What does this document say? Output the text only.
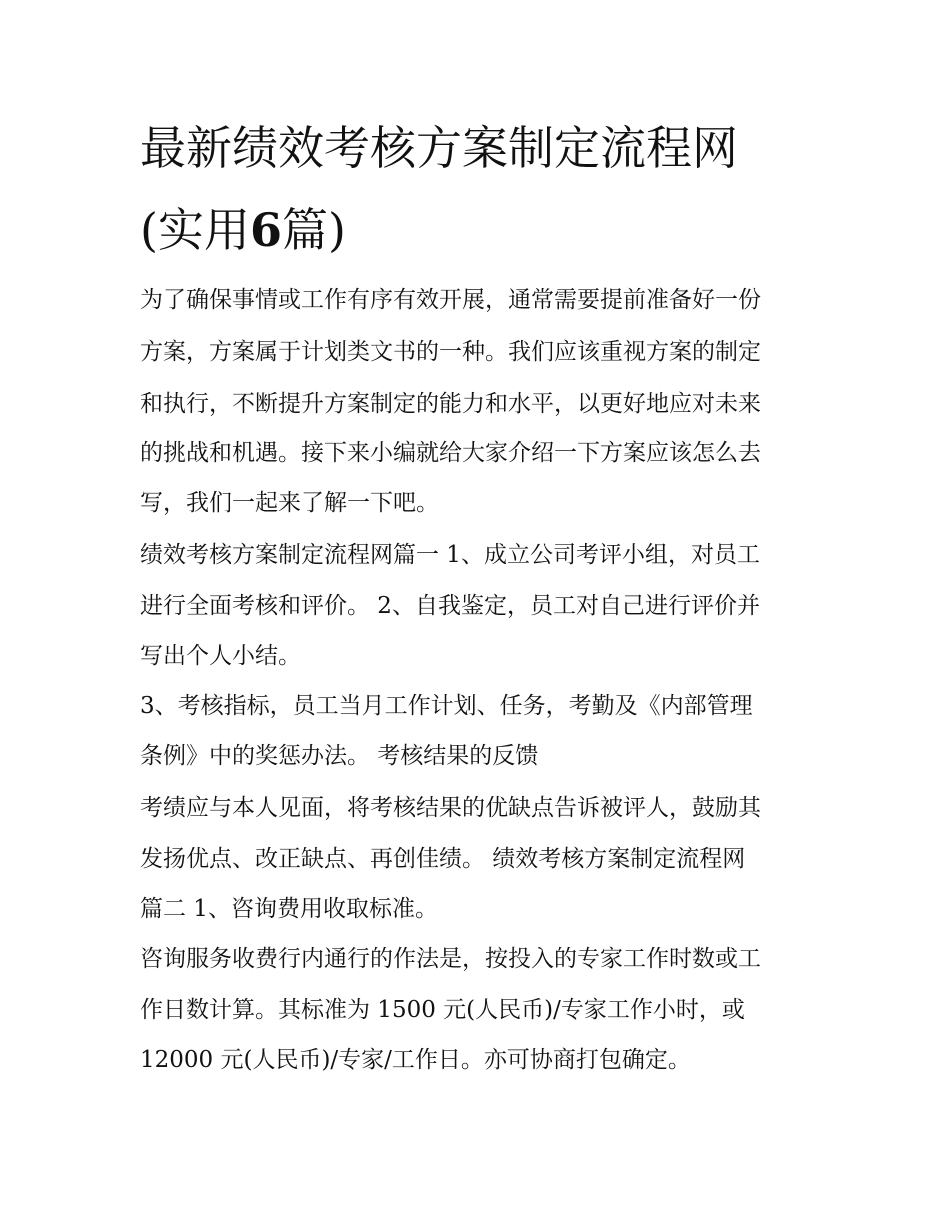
最新绩效考核方案制定流程网
(实用6篇)
为了确保事情或工作有序有效开展，通常需要提前准备好一份
方案，方案属于计划类文书的一种。我们应该重视方案的制定
和执行，不断提升方案制定的能力和水平，以更好地应对未来
的挑战和机遇。接下来小编就给大家介绍一下方案应该怎么去
写，我们一起来了解一下吧。
绩效考核方案制定流程网篇一 1、成立公司考评小组，对员工
进行全面考核和评价。 2、自我鉴定，员工对自己进行评价并
写出个人小结。
3、考核指标，员工当月工作计划、任务，考勤及《内部管理
条例》中的奖惩办法。 考核结果的反馈
考绩应与本人见面，将考核结果的优缺点告诉被评人，鼓励其
发扬优点、改正缺点、再创佳绩。 绩效考核方案制定流程网
篇二 1、咨询费用收取标准。
咨询服务收费行内通行的作法是，按投入的专家工作时数或工
作日数计算。其标准为 1500 元(人民币)/专家工作小时，或
12000 元(人民币)/专家/工作日。亦可协商打包确定。
